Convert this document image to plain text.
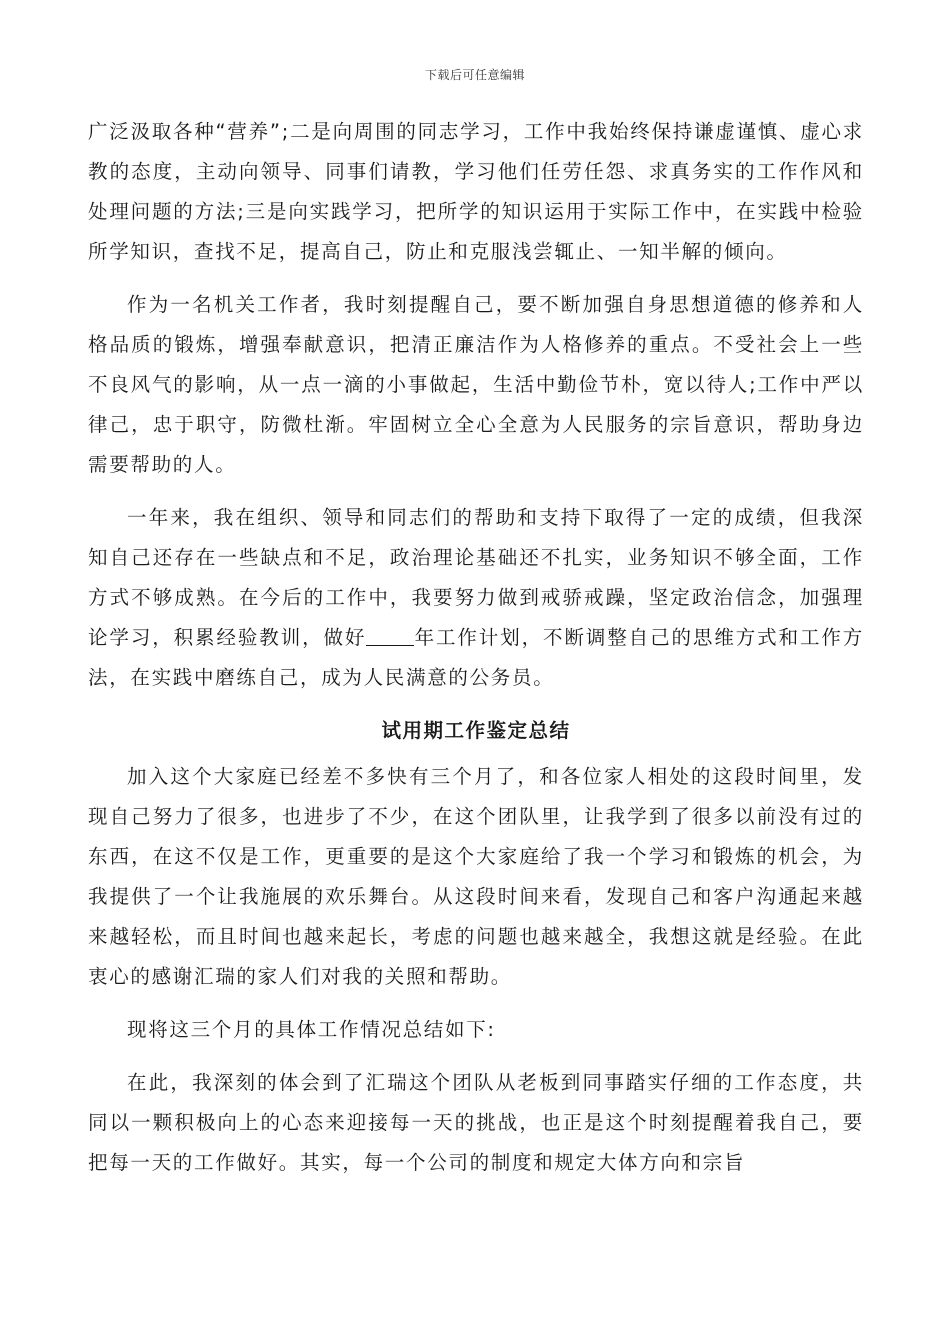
下载后可任意编辑

广泛汲取各种“营养”;二是向周围的同志学习，工作中我始终保持谦虚谨慎、虚心求教的态度，主动向领导、同事们请教，学习他们任劳任怨、求真务实的工作作风和处理问题的方法;三是向实践学习，把所学的知识运用于实际工作中，在实践中检验所学知识，查找不足，提高自己，防止和克服浅尝辄止、一知半解的倾向。

作为一名机关工作者，我时刻提醒自己，要不断加强自身思想道德的修养和人格品质的锻炼，增强奉献意识，把清正廉洁作为人格修养的重点。不受社会上一些不良风气的影响，从一点一滴的小事做起，生活中勤俭节朴，宽以待人;工作中严以律己，忠于职守，防微杜渐。牢固树立全心全意为人民服务的宗旨意识，帮助身边需要帮助的人。

一年来，我在组织、领导和同志们的帮助和支持下取得了一定的成绩，但我深知自己还存在一些缺点和不足，政治理论基础还不扎实，业务知识不够全面，工作方式不够成熟。在今后的工作中，我要努力做到戒骄戒躁，坚定政治信念，加强理论学习，积累经验教训，做好 年工作计划，不断调整自己的思维方式和工作方法，在实践中磨练自己，成为人民满意的公务员。

试用期工作鉴定总结

加入这个大家庭已经差不多快有三个月了，和各位家人相处的这段时间里，发现自己努力了很多，也进步了不少，在这个团队里，让我学到了很多以前没有过的东西，在这不仅是工作，更重要的是这个大家庭给了我一个学习和锻炼的机会，为我提供了一个让我施展的欢乐舞台。从这段时间来看，发现自己和客户沟通起来越来越轻松，而且时间也越来起长，考虑的问题也越来越全，我想这就是经验。在此衷心的感谢汇瑞的家人们对我的关照和帮助。

现将这三个月的具体工作情况总结如下:

在此，我深刻的体会到了汇瑞这个团队从老板到同事踏实仔细的工作态度，共同以一颗积极向上的心态来迎接每一天的挑战，也正是这个时刻提醒着我自己，要把每一天的工作做好。其实，每一个公司的制度和规定大体方向和宗旨
